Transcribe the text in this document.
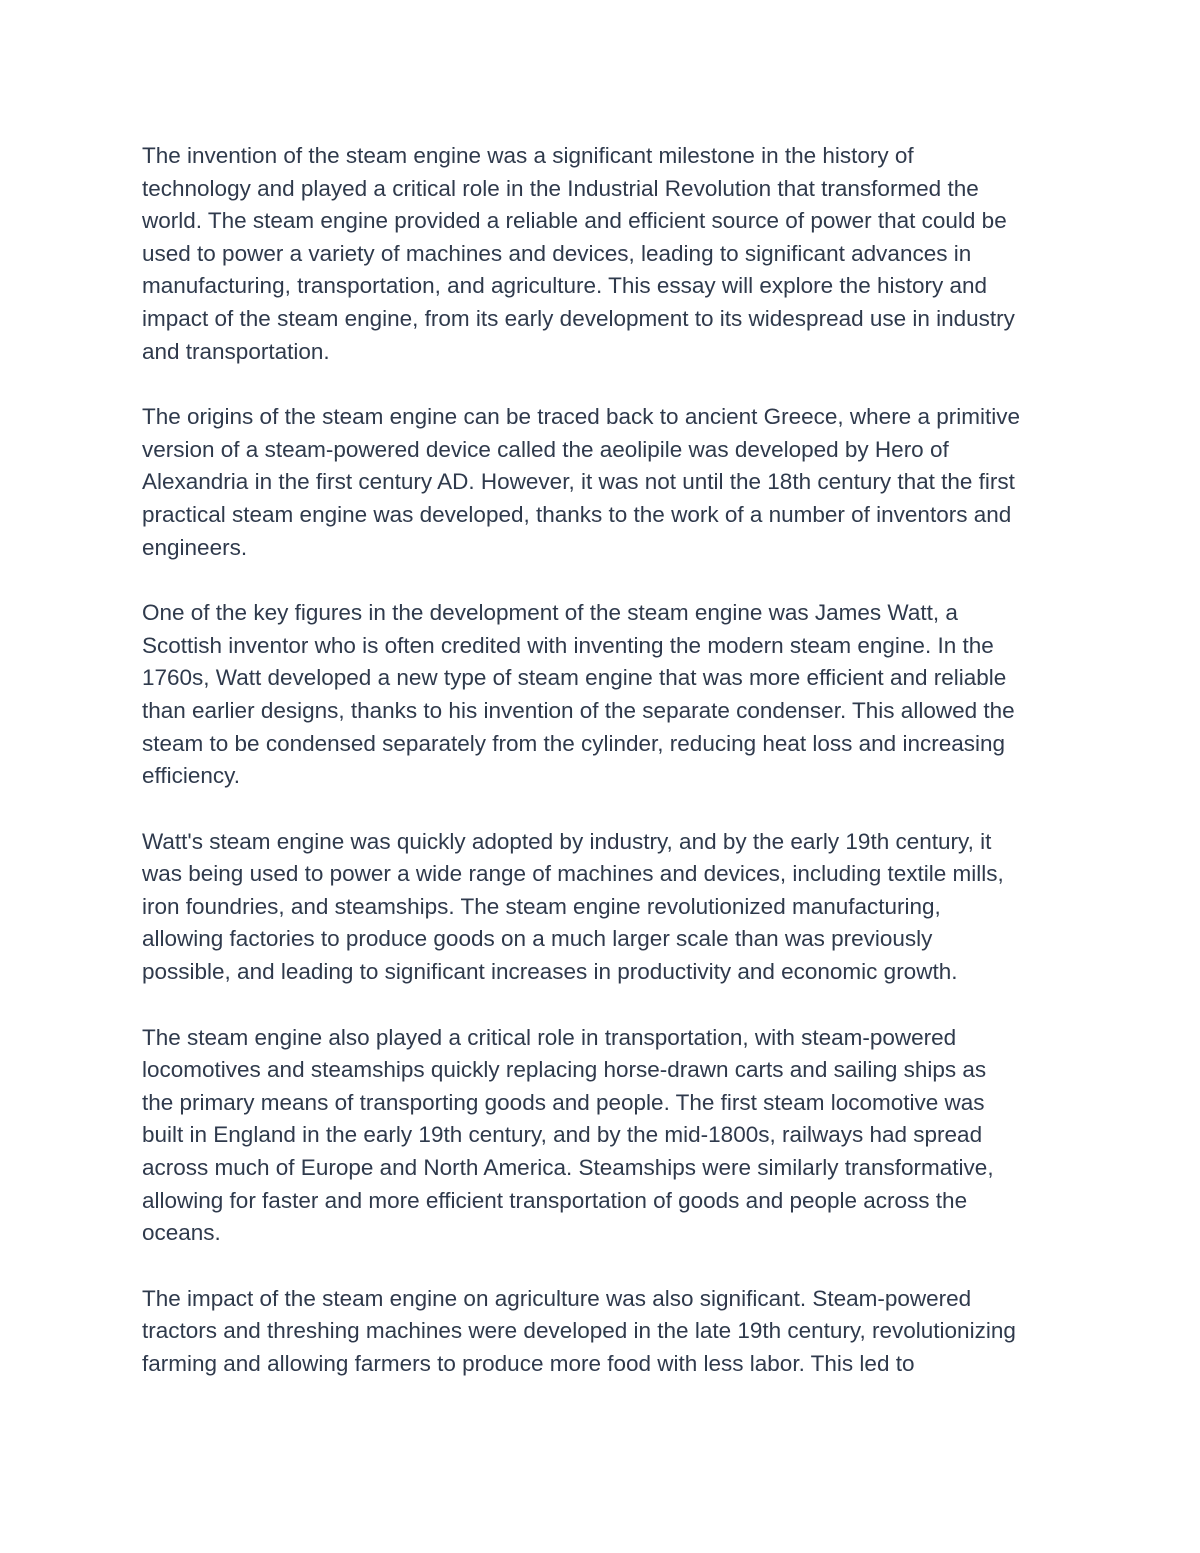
The invention of the steam engine was a significant milestone in the history of
technology and played a critical role in the Industrial Revolution that transformed the
world. The steam engine provided a reliable and efficient source of power that could be
used to power a variety of machines and devices, leading to significant advances in
manufacturing, transportation, and agriculture. This essay will explore the history and
impact of the steam engine, from its early development to its widespread use in industry
and transportation.

The origins of the steam engine can be traced back to ancient Greece, where a primitive
version of a steam-powered device called the aeolipile was developed by Hero of
Alexandria in the first century AD. However, it was not until the 18th century that the first
practical steam engine was developed, thanks to the work of a number of inventors and
engineers.

One of the key figures in the development of the steam engine was James Watt, a
Scottish inventor who is often credited with inventing the modern steam engine. In the
1760s, Watt developed a new type of steam engine that was more efficient and reliable
than earlier designs, thanks to his invention of the separate condenser. This allowed the
steam to be condensed separately from the cylinder, reducing heat loss and increasing
efficiency.

Watt's steam engine was quickly adopted by industry, and by the early 19th century, it
was being used to power a wide range of machines and devices, including textile mills,
iron foundries, and steamships. The steam engine revolutionized manufacturing,
allowing factories to produce goods on a much larger scale than was previously
possible, and leading to significant increases in productivity and economic growth.

The steam engine also played a critical role in transportation, with steam-powered
locomotives and steamships quickly replacing horse-drawn carts and sailing ships as
the primary means of transporting goods and people. The first steam locomotive was
built in England in the early 19th century, and by the mid-1800s, railways had spread
across much of Europe and North America. Steamships were similarly transformative,
allowing for faster and more efficient transportation of goods and people across the
oceans.

The impact of the steam engine on agriculture was also significant. Steam-powered
tractors and threshing machines were developed in the late 19th century, revolutionizing
farming and allowing farmers to produce more food with less labor. This led to
